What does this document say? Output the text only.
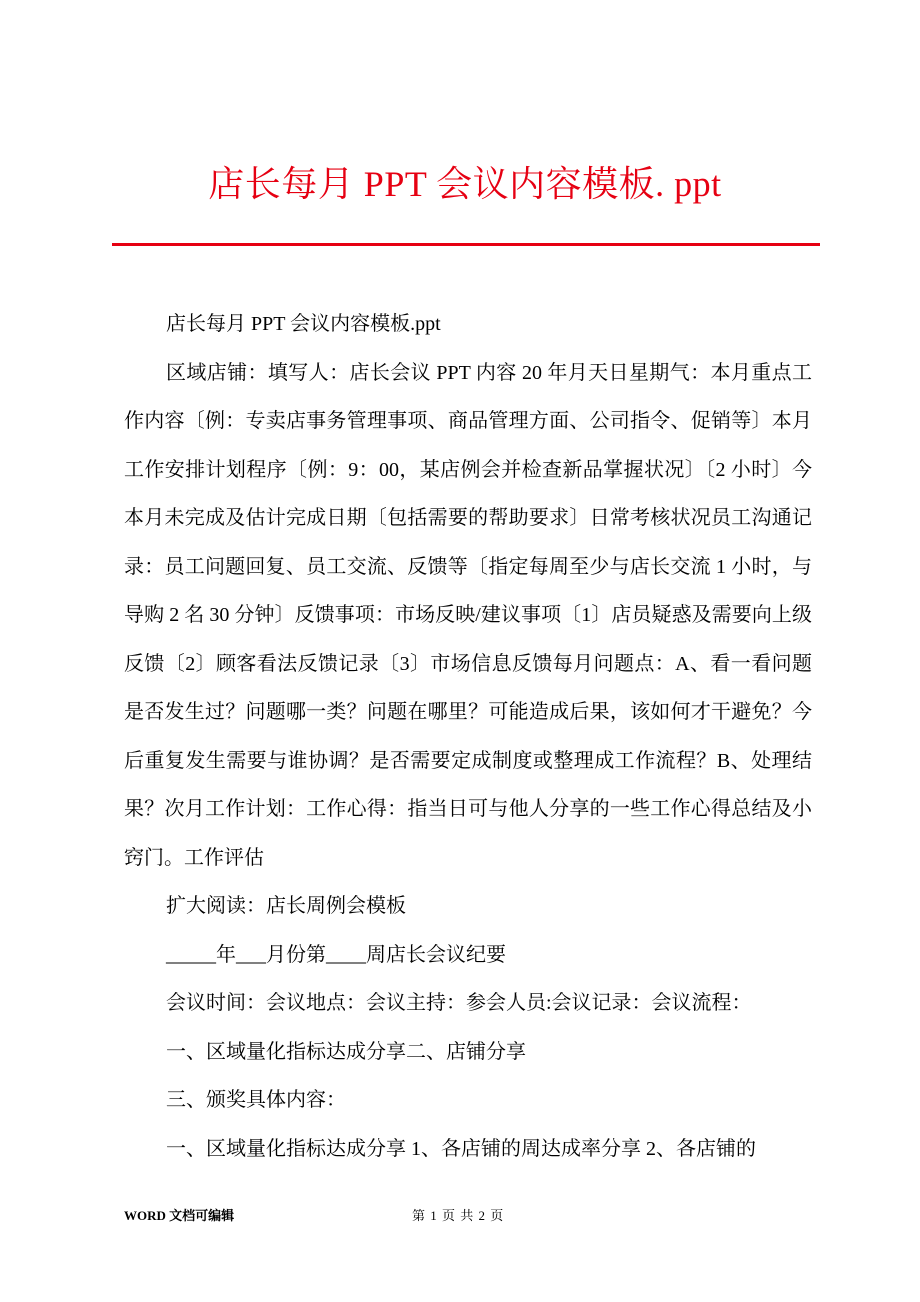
店长每月 PPT 会议内容模板. ppt

店长每月 PPT 会议内容模板.ppt

区域店铺：填写人：店长会议 PPT 内容 20 年月天日星期气：本月重点工作内容〔例：专卖店事务管理事项、商品管理方面、公司指令、促销等〕本月工作安排计划程序〔例：9：00，某店例会并检查新品掌握状况〕〔2 小时〕今本月未完成及估计完成日期〔包括需要的帮助要求〕日常考核状况员工沟通记录：员工问题回复、员工交流、反馈等〔指定每周至少与店长交流 1 小时，与导购 2 名 30 分钟〕反馈事项：市场反映/建议事项〔1〕店员疑惑及需要向上级反馈〔2〕顾客看法反馈记录〔3〕市场信息反馈每月问题点：A、看一看问题是否发生过？问题哪一类？问题在哪里？可能造成后果，该如何才干避免？今后重复发生需要与谁协调？是否需要定成制度或整理成工作流程？B、处理结果？次月工作计划：工作心得：指当日可与他人分享的一些工作心得总结及小窍门。工作评估

扩大阅读：店长周例会模板

_____年___月份第____周店长会议纪要

会议时间：会议地点：会议主持：参会人员:会议记录：会议流程：

一、区域量化指标达成分享二、店铺分享

三、颁奖具体内容：

一、区域量化指标达成分享 1、各店铺的周达成率分享 2、各店铺的

WORD 文档可编辑	第 1 页 共 2 页
